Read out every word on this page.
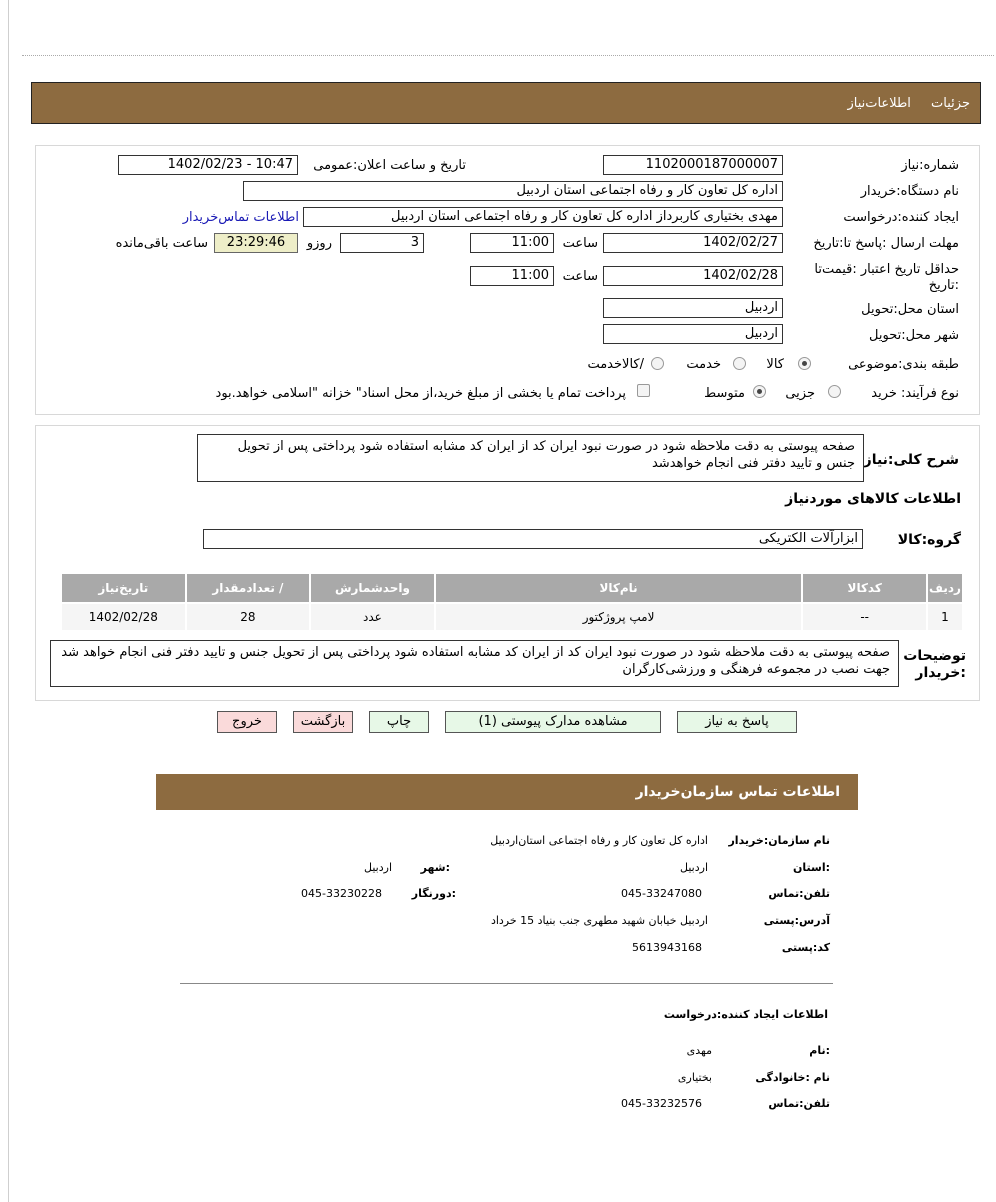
جزئیات اطلاعات‌نیاز
شماره:نیاز
1102000187000007
تاریخ و ساعت اعلان:عمومی
1402/02/23 - 10:47
نام دستگاه:خریدار
اداره کل تعاون کار و رفاه اجتماعی استان اردبیل
ایجاد کننده:درخواست
مهدی بختیاری کاربرداز اداره کل تعاون کار و رفاه اجتماعی استان اردبیل
اطلاعات تماس‌خریدار
مهلت ارسال :پاسخ تا:تاریخ
1402/02/27
ساعت
11:00
3
روزو
23:29:46
ساعت باقی‌مانده
حداقل تاریخ اعتبار :قیمت‌تا
:تاریخ
1402/02/28
ساعت
11:00
استان محل:تحویل
اردبیل
شهر محل:تحویل
اردبیل
طبقه بندی:موضوعی
کالا
خدمت
/کالاخدمت
نوع فرآیند: خرید
جزیی
متوسط
پرداخت تمام یا بخشی از مبلغ خرید،از محل اسناد" خزانه "اسلامی خواهد.بود
شرح کلی:نیاز
صفحه پیوستی به دقت ملاحظه شود در صورت نبود ایران کد از ایران کد مشابه استفاده شود پرداختی پس از تحویل جنس و تایید دفتر فنی انجام خواهدشد
اطلاعات کالاهای موردنیاز
گروه:کالا
ابزارآلات الکتریکی
ردیف	کدکالا	نام‌کالا	واحدشمارش	/ تعدادمقدار	تاریخ‌نیاز
1	--	لامپ پروژکتور	عدد	28	1402/02/28
توضیحات
:خریدار
صفحه پیوستی به دقت ملاحظه شود در صورت نبود ایران کد از ایران کد مشابه استفاده شود پرداختی پس از تحویل جنس و تایید دفتر فنی انجام خواهد شد جهت نصب در مجموعه فرهنگی و ورزشی‌کارگران
پاسخ به نیاز
مشاهده مدارک پیوستی (1)
چاپ
بازگشت
خروج
اطلاعات تماس سازمان‌خریدار
نام سازمان:خریدار
اداره کل تعاون کار و رفاه اجتماعی استان‌اردبیل
:استان
اردبیل
:شهر
اردبیل
تلفن:تماس
045-33247080
:دورنگار
045-33230228
آدرس:پستی
اردبیل خیابان شهید مطهری جنب بنیاد 15 خرداد
کد:پستی
5613943168
اطلاعات ایجاد کننده:درخواست
:نام
مهدی
نام :خانوادگی
بختیاری
تلفن:تماس
045-33232576
